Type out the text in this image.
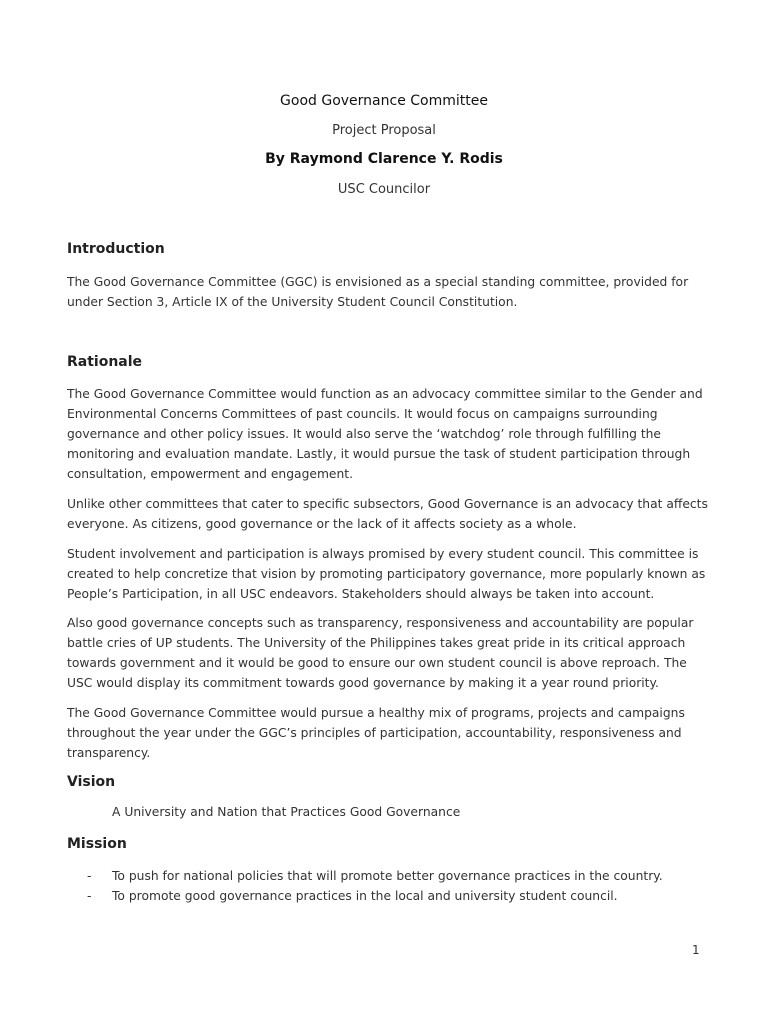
Good Governance Committee
Project Proposal
By Raymond Clarence Y. Rodis
USC Councilor
Introduction

The Good Governance Committee (GGC) is envisioned as a special standing committee, provided for
under Section 3, Article IX of the University Student Council Constitution.

Rationale

The Good Governance Committee would function as an advocacy committee similar to the Gender and
Environmental Concerns Committees of past councils. It would focus on campaigns surrounding
governance and other policy issues. It would also serve the ‘watchdog’ role through fulfilling the
monitoring and evaluation mandate. Lastly, it would pursue the task of student participation through
consultation, empowerment and engagement.

Unlike other committees that cater to specific subsectors, Good Governance is an advocacy that affects
everyone. As citizens, good governance or the lack of it affects society as a whole.

Student involvement and participation is always promised by every student council. This committee is
created to help concretize that vision by promoting participatory governance, more popularly known as
People’s Participation, in all USC endeavors. Stakeholders should always be taken into account.

Also good governance concepts such as transparency, responsiveness and accountability are popular
battle cries of UP students. The University of the Philippines takes great pride in its critical approach
towards government and it would be good to ensure our own student council is above reproach. The
USC would display its commitment towards good governance by making it a year round priority.

The Good Governance Committee would pursue a healthy mix of programs, projects and campaigns
throughout the year under the GGC’s principles of participation, accountability, responsiveness and
transparency.

Vision
A University and Nation that Practices Good Governance
Mission
- To push for national policies that will promote better governance practices in the country.
- To promote good governance practices in the local and university student council.
1
